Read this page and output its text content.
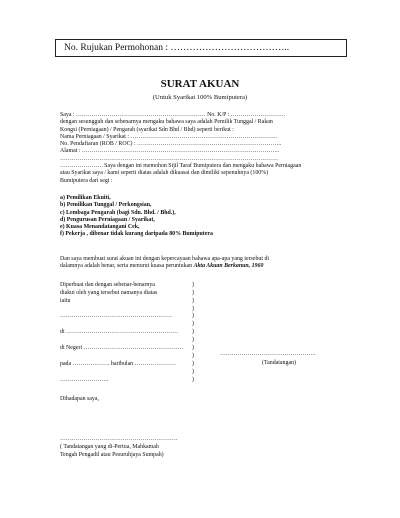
No. Rujukan Permohonan : ………………………………..
SURAT AKUAN
(Untuk Syarikat 100% Bumiputera)
Saya : ………………………………………………………… No. K/P : ……………………….
dengan sesungguh dan sebenarnya mengaku bahawa saya adalah Pemilik Tunggal / Rakan
Kongsi (Perniagaan) / Pengarah (syarikat Sdn Bhd / Bhd) seperti berikut :
Nama Perniagaan / Syarikat : …………………………………………………………………
No. Pendaftaran (ROB / ROC) : ………………………………………………………………..
Alamat : ………………………………………………………………………………………..
…………………………………………………………………………………………………
…………………. Saya dengan ini memohon Sijil Taraf Bumiputera dan mengaku bahawa Perniagaan
atau Syarikat saya / kami seperti diatas adalah dikuasai dan dimiliki sepenuhnya (100%)
Bumiputera dari segi :
a) Pemilikan Ekuiti,
b) Pemilikan Tunggal / Perkongsian,
c) Lembaga Pengarah (bagi Sdn. Bhd. / Bhd.),
d) Pengurusan Perniagaan / Syarikat,
e) Kuasa Menandatangani Cek,
f) Pekerja , dibenar tidak kurang daripada 80% Bumiputera
Dan saya membuat surat akuan ini dengan kepercayaan bahawa apa-apa yang tersebut di
dalamnya adalah benar, serta menurut kuasa peruntukan Akta Akuan Berkanun, 1960
Diperbuat dan dengan sebenar-benarnya
diakui oleh yang tersebut namanya diatas
iaitu
…………………………………………………
di …………………………………………………
di Negeri ……………………………………………
pada ………………. haribulan …………………
…………………….
)
)
)
)
)
)
)
)
)
)
)
)
)
………………………………………….
(Tandatangan)
Dihadapan saya,
……………………………………………………
( Tandatangan yang di-Pertua, Mahkamah
Tengah Pengadil atau Pesuruhjaya Sumpah)
